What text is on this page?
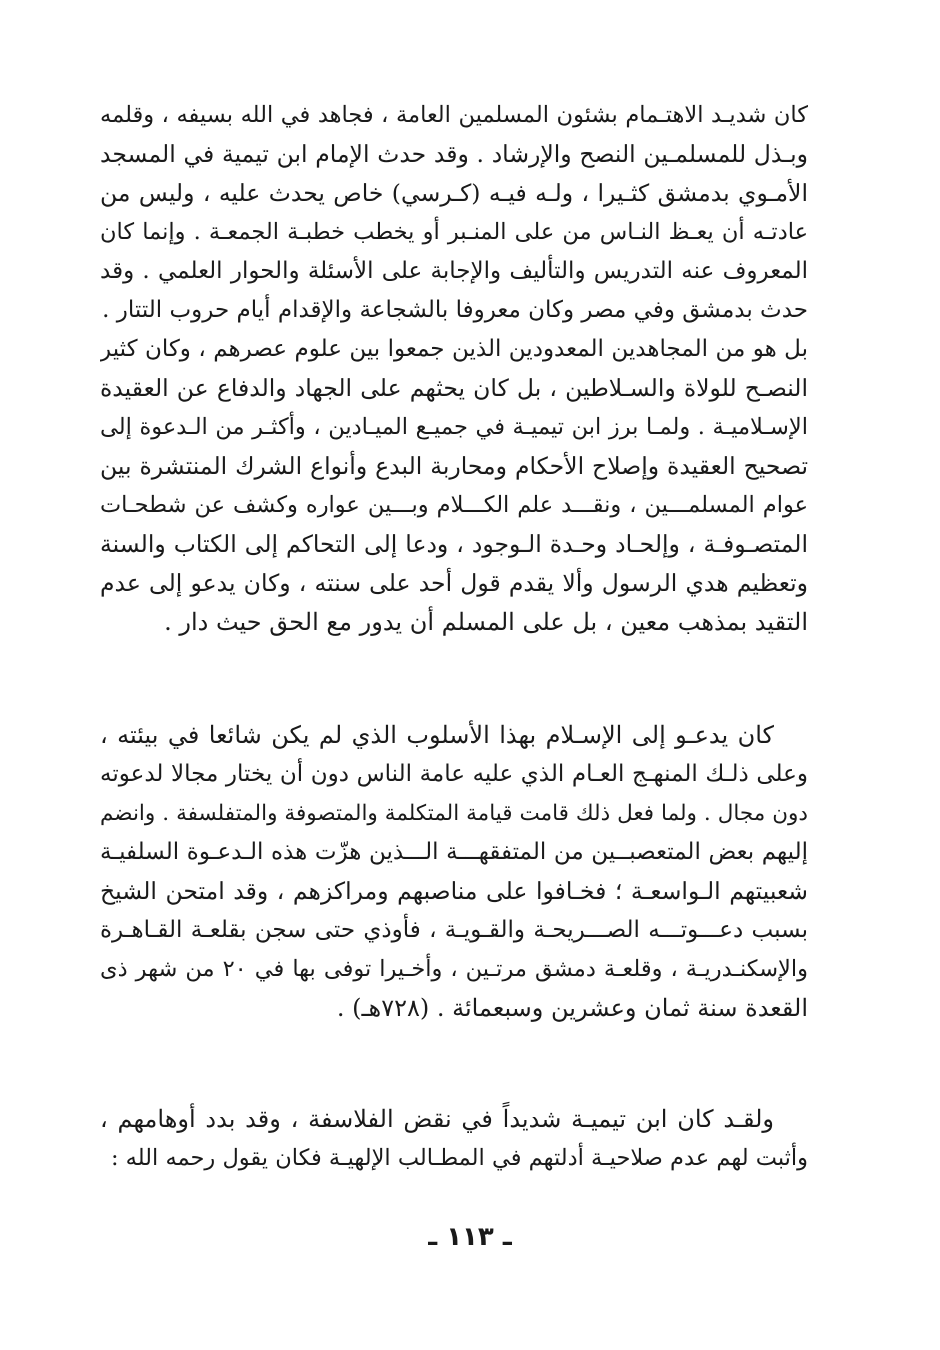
كان شديـد الاهتـمام بشئون المسلمين العامة ، فجاهد في الله بسيفه ، وقلمه
وبـذل للمسلمـين النصح والإرشاد . وقد حدث الإمام ابن تيمية في المسجد
الأمـوي بدمشق كثـيرا ، ولـه فيـه (كـرسي) خاص يحدث عليه ، وليس من
عادتـه أن يعـظ النـاس من على المنـبر أو يخطب خطبـة الجمعـة . وإنما كان
المعروف عنه التدريس والتأليف والإجابة على الأسئلة والحوار العلمي . وقد
حدث بدمشق وفي مصر وكان معروفا بالشجاعة والإقدام أيام حروب التتار .
بل هو من المجاهدين المعدودين الذين جمعوا بين علوم عصرهم ، وكان كثير
النصـح للولاة والسـلاطين ، بل كان يحثهم على الجهاد والدفاع عن العقيدة
الإسـلاميـة . ولمـا برز ابن تيميـة في جميـع الميـادين ، وأكثـر من الـدعوة إلى
تصحيح العقيدة وإصلاح الأحكام ومحاربة البدع وأنواع الشرك المنتشرة بين
عوام المسلمـــين ، ونقـــد علم الكـــلام وبـــين عواره وكشف عن شطحـات
المتصـوفـة ، وإلحـاد وحـدة الـوجود ، ودعا إلى التحاكم إلى الكتاب والسنة
وتعظيم هدي الرسول وألا يقدم قول أحد على سنته ، وكان يدعو إلى عدم
التقيد بمذهب معين ، بل على المسلم أن يدور مع الحق حيث دار .
كان يدعـو إلى الإسـلام بهذا الأسلوب الذي لم يكن شائعا في بيئته ،
وعلى ذلـك المنهـج العـام الذي عليه عامة الناس دون أن يختار مجالا لدعوته
دون مجال . ولما فعل ذلك قامت قيامة المتكلمة والمتصوفة والمتفلسفة . وانضم
إليهم بعض المتعصبــين من المتفقهـــة الـــذين هزّت هذه الـدعـوة السلفيـة
شعبيتهم الـواسعـة ؛ فخـافوا على مناصبهم ومراكزهم ، وقد امتحن الشيخ
بسبب دعـــوتـــه الصـــريحـة والقـويـة ، فأوذي حتى سجن بقلعـة القـاهـرة
والإسكنـدريـة ، وقلعـة دمشق مرتـين ، وأخـيرا توفى بها في ٢٠ من شهر ذى
القعدة سنة ثمان وعشرين وسبعمائة . (٧٢٨هـ) .
ولقـد كان ابن تيميـة شديداً في نقض الفلاسفة ، وقد بدد أوهامهم ،
وأثبت لهم عدم صلاحيـة أدلتهم في المطـالب الإلهيـة فكان يقول رحمه الله :
ـ ١١٣ ـ
